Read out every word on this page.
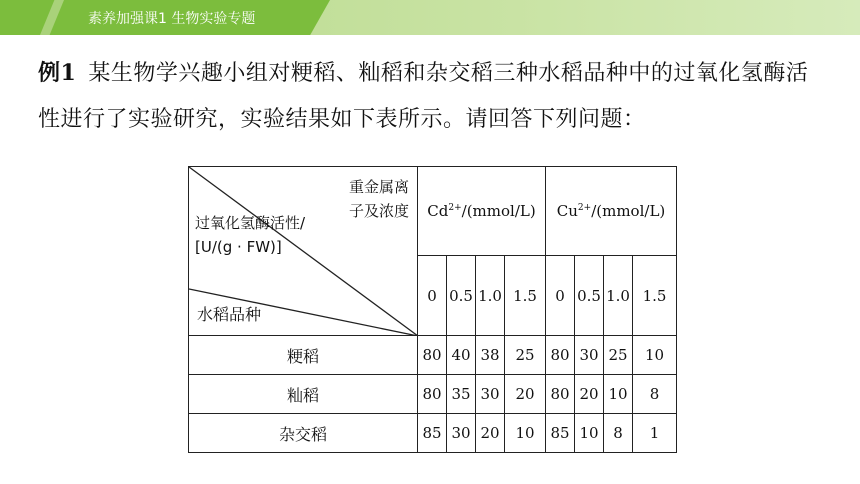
素养加强课1 生物实验专题

例1 某生物学兴趣小组对粳稻、籼稻和杂交稻三种水稻品种中的过氧化氢酶活性进行了实验研究，实验结果如下表所示。请回答下列问题：

重金属离
子及浓度
过氧化氢酶活性/
[U/(g · FW)]
水稻品种	$Cd^{2+}/(mmol/L)$				$Cu^{2+}/(mmol/L)$			
	0	0.5	1.0	1.5	0	0.5	1.0	1.5
粳稻	80	40	38	25	80	30	25	10
籼稻	80	35	30	20	80	20	10	8
杂交稻	85	30	20	10	85	10	8	1
